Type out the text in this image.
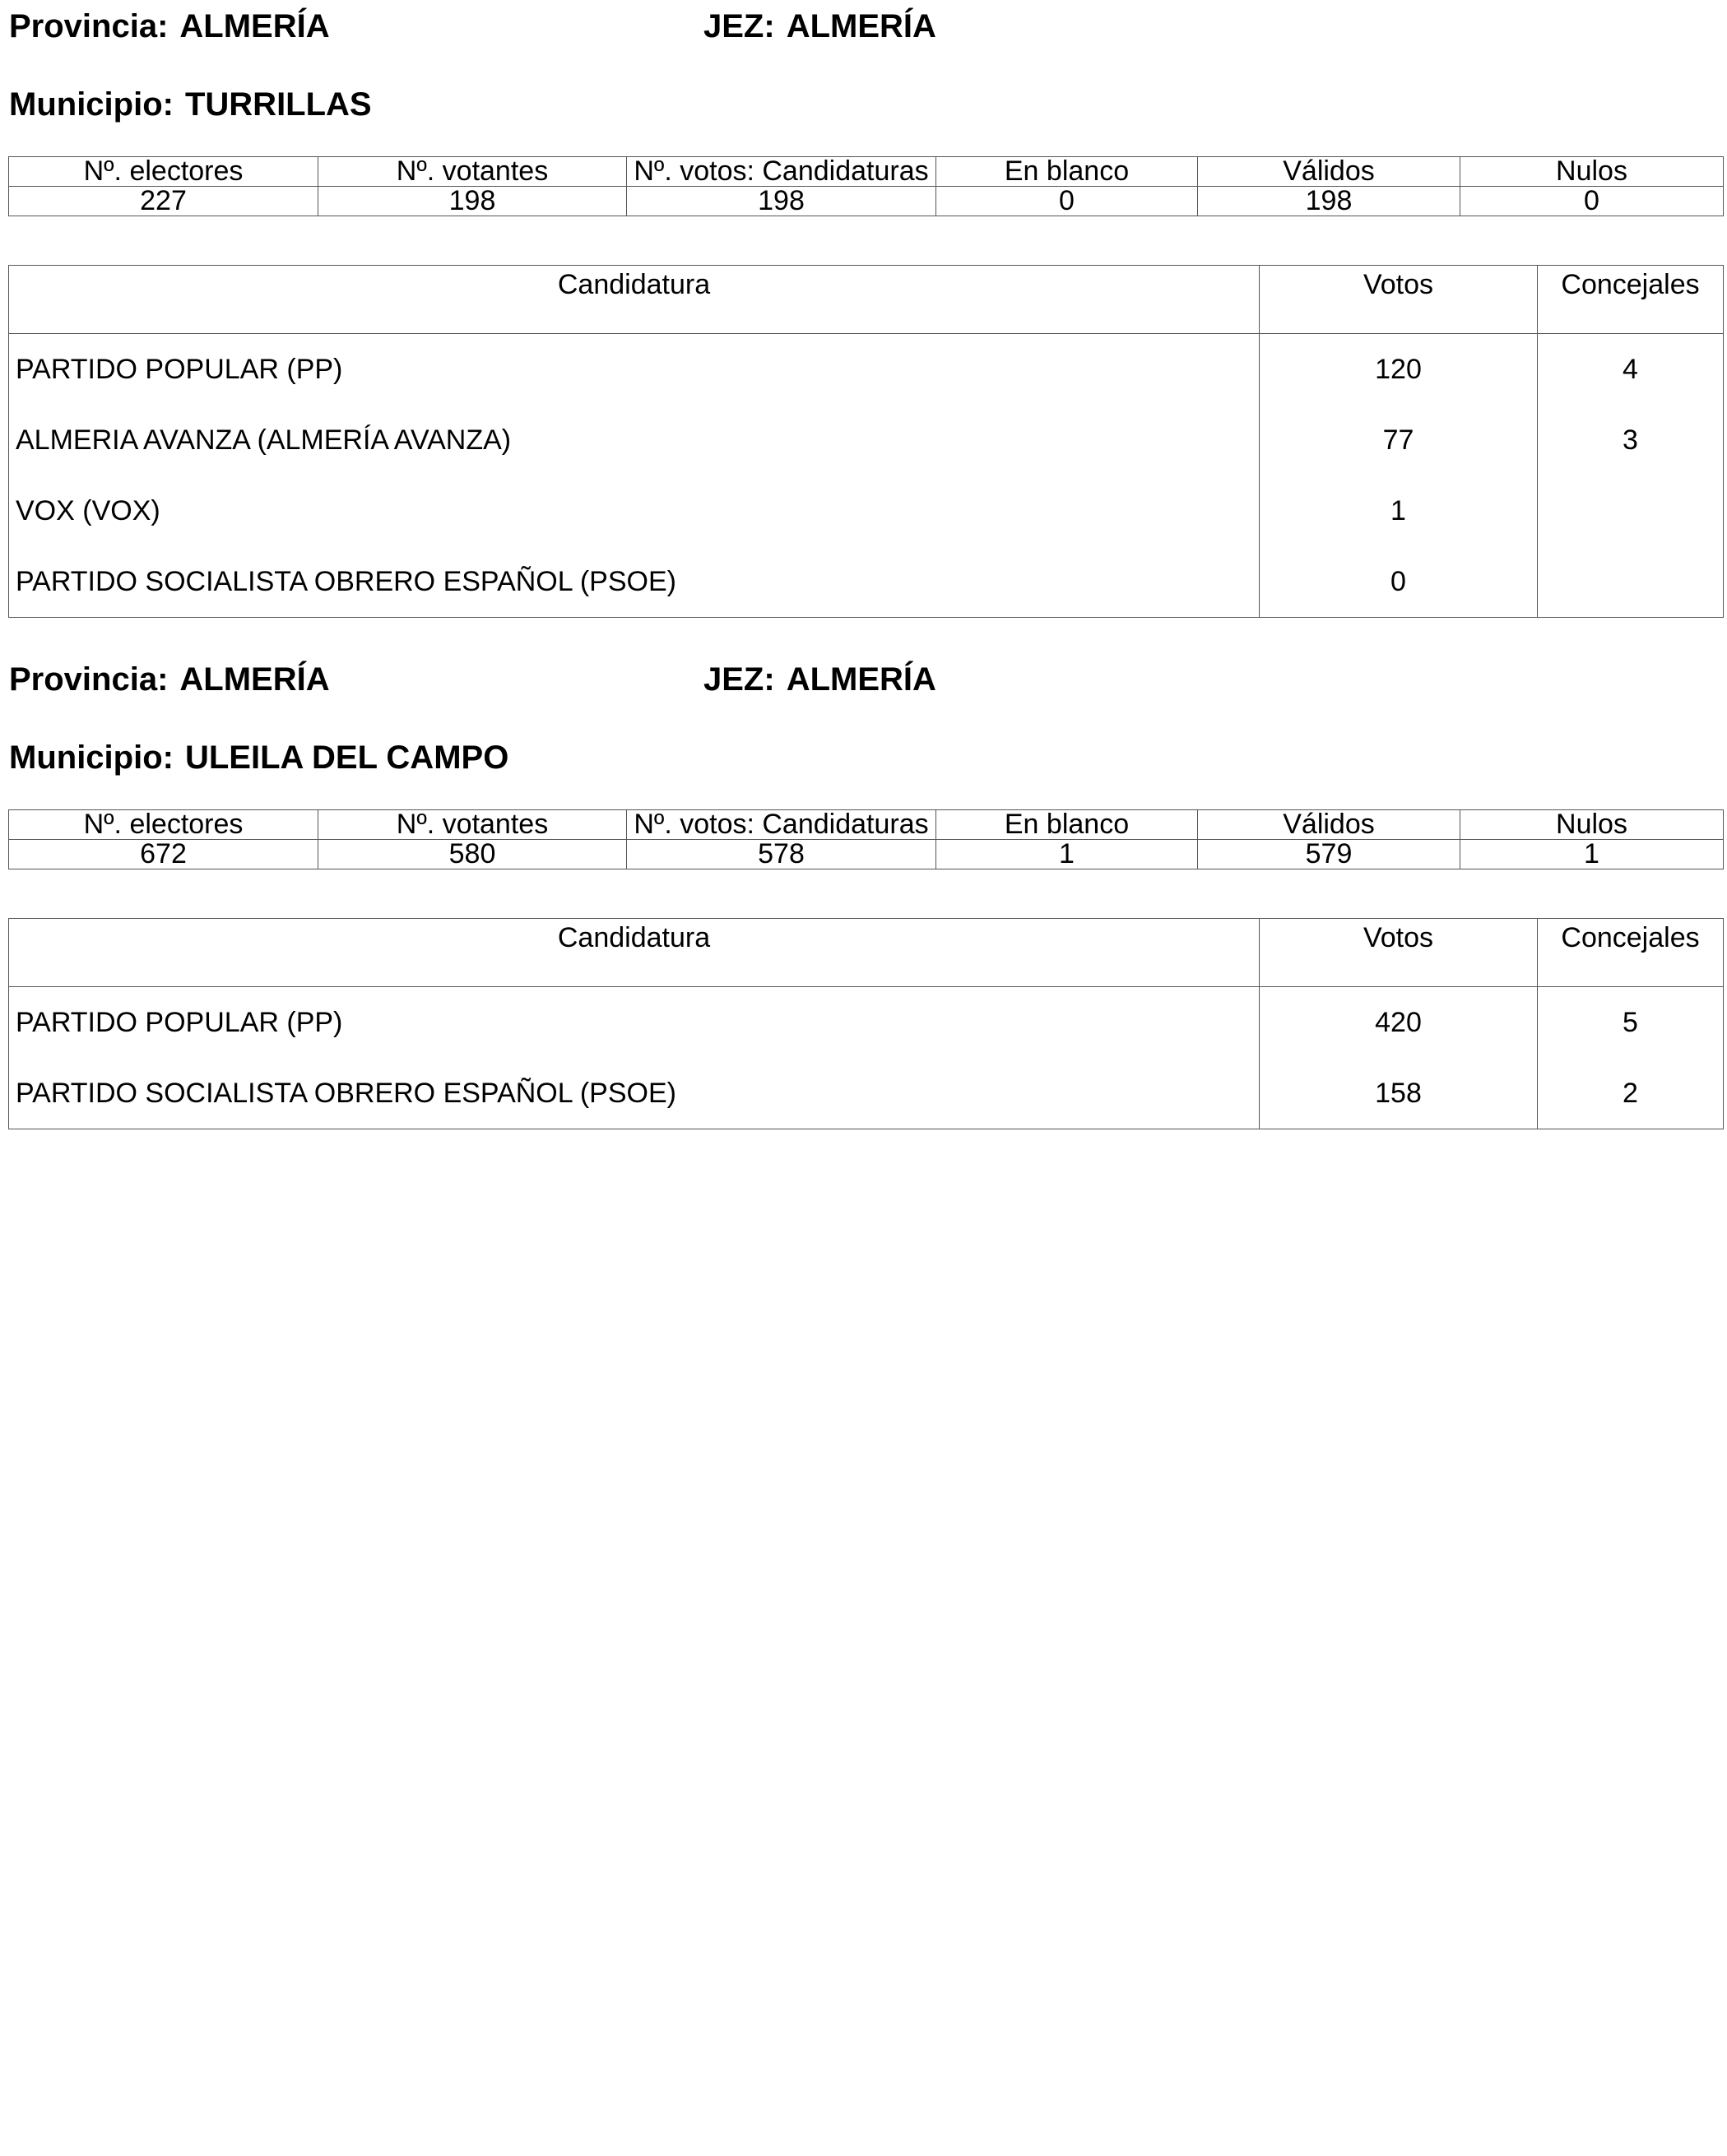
Provincia: ALMERÍA	JEZ: ALMERÍA
Municipio: TURRILLAS
Nº. electores	Nº. votantes	Nº. votos: Candidaturas	En blanco	Válidos	Nulos
227	198	198	0	198	0
Candidatura	Votos	Concejales
PARTIDO POPULAR (PP)	120	4
ALMERIA AVANZA (ALMERÍA AVANZA)	77	3
VOX (VOX)	1	
PARTIDO SOCIALISTA OBRERO ESPAÑOL (PSOE)	0	
Provincia: ALMERÍA	JEZ: ALMERÍA
Municipio: ULEILA DEL CAMPO
Nº. electores	Nº. votantes	Nº. votos: Candidaturas	En blanco	Válidos	Nulos
672	580	578	1	579	1
Candidatura	Votos	Concejales
PARTIDO POPULAR (PP)	420	5
PARTIDO SOCIALISTA OBRERO ESPAÑOL (PSOE)	158	2
